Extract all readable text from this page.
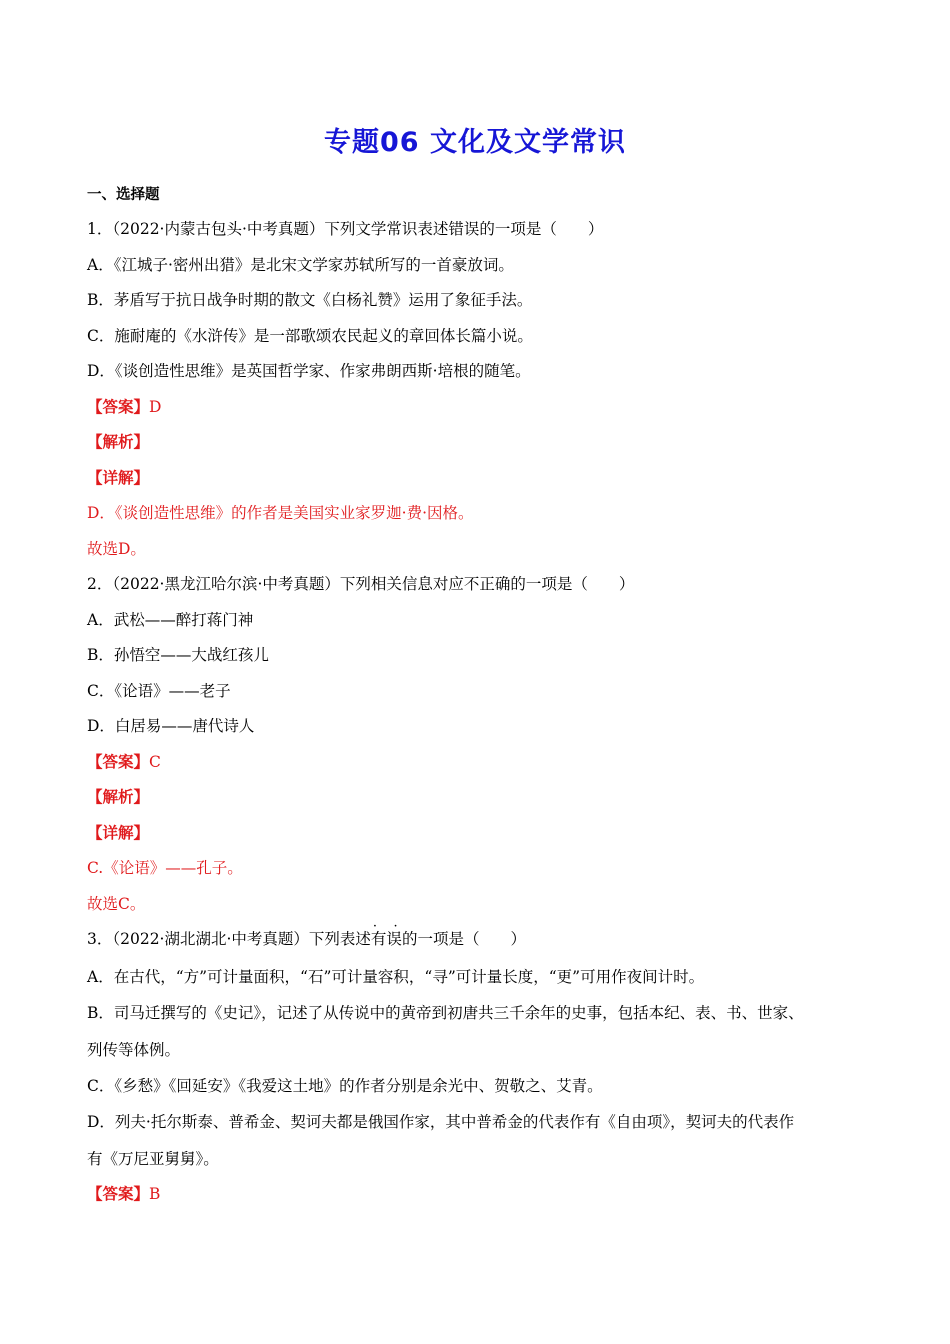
专题06 文化及文学常识
一、选择题
1．（2022·内蒙古包头·中考真题）下列文学常识表述错误的一项是（　　）
A．《江城子·密州出猎》是北宋文学家苏轼所写的一首豪放词。
B．茅盾写于抗日战争时期的散文《白杨礼赞》运用了象征手法。
C．施耐庵的《水浒传》是一部歌颂农民起义的章回体长篇小说。
D．《谈创造性思维》是英国哲学家、作家弗朗西斯·培根的随笔。
【答案】D
【解析】
【详解】
D．《谈创造性思维》的作者是美国实业家罗迦·费·因格。
故选D。
2．（2022·黑龙江哈尔滨·中考真题）下列相关信息对应不正确的一项是（　　）
A．武松——醉打蒋门神
B．孙悟空——大战红孩儿
C．《论语》——老子
D．白居易——唐代诗人
【答案】C
【解析】
【详解】
C.《论语》——孔子。
故选C。
3．（2022·湖北湖北·中考真题）下列表述· · 有误的一项是（　　）
A．在古代，“方”可计量面积，“石”可计量容积，“寻”可计量长度，“更”可用作夜间计时。
B．司马迁撰写的《史记》，记述了从传说中的黄帝到初唐共三千余年的史事，包括本纪、表、书、世家、
列传等体例。
C．《乡愁》《回延安》《我爱这土地》的作者分别是余光中、贺敬之、艾青。
D．列夫·托尔斯泰、普希金、契诃夫都是俄国作家，其中普希金的代表作有《自由项》，契诃夫的代表作
有《万尼亚舅舅》。
【答案】B
